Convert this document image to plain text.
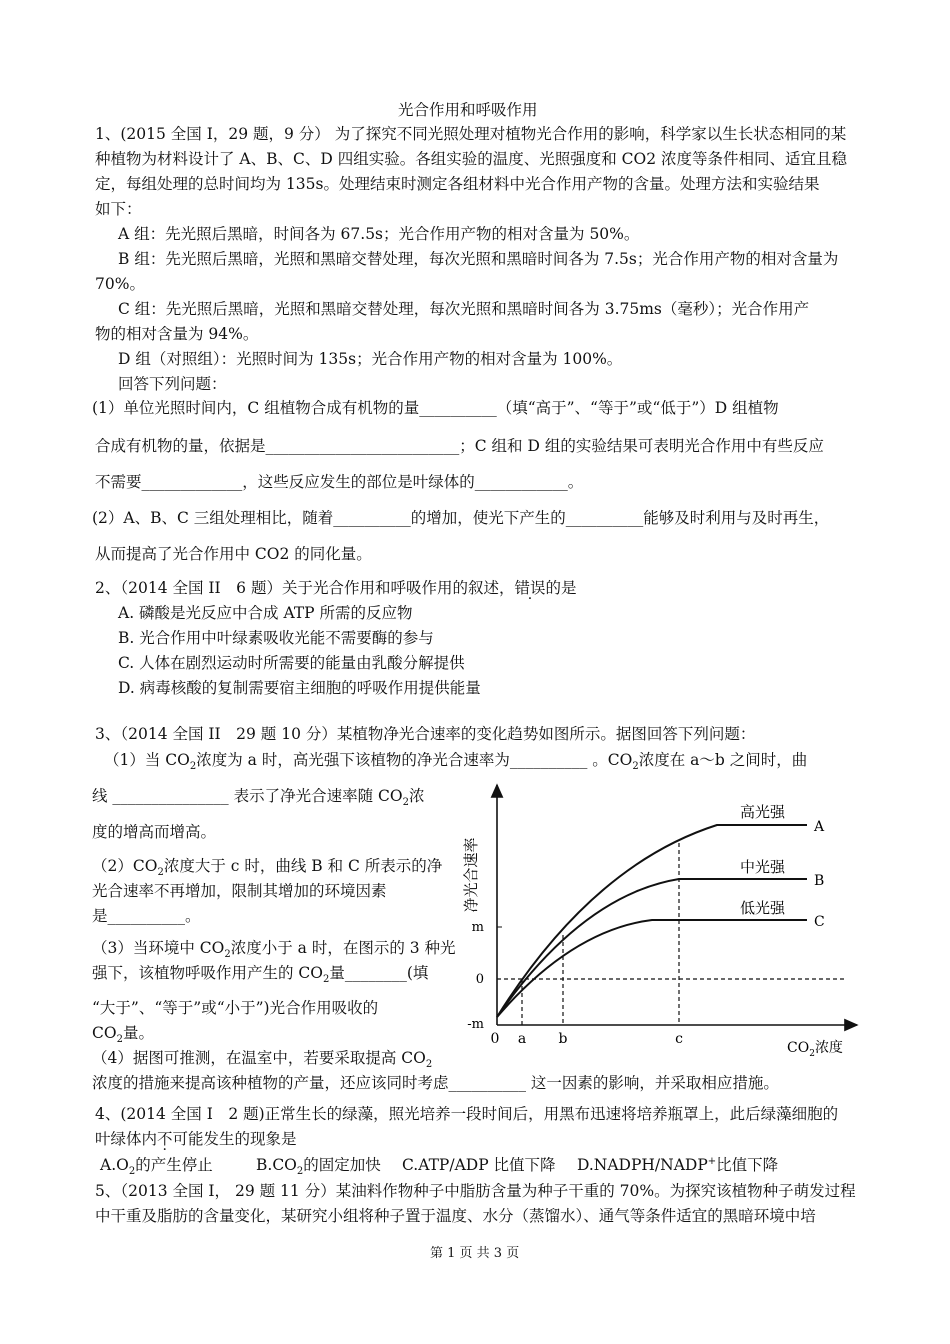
光合作用和呼吸作用
1、(2015 全国 I，29 题，9 分） 为了探究不同光照处理对植物光合作用的影响，科学家以生长状态相同的某
种植物为材料设计了 A、B、C、D 四组实验。各组实验的温度、光照强度和 CO2 浓度等条件相同、适宜且稳
定，每组处理的总时间均为 135s。处理结束时测定各组材料中光合作用产物的含量。处理方法和实验结果
如下：
A 组：先光照后黑暗，时间各为 67.5s；光合作用产物的相对含量为 50%。
B 组：先光照后黑暗，光照和黑暗交替处理，每次光照和黑暗时间各为 7.5s；光合作用产物的相对含量为
70%。
C 组：先光照后黑暗，光照和黑暗交替处理，每次光照和黑暗时间各为 3.75ms（毫秒）；光合作用产
物的相对含量为 94%。
D 组（对照组）：光照时间为 135s；光合作用产物的相对含量为 100%。
回答下列问题：
(1）单位光照时间内，C 组植物合成有机物的量__________（填“高于”、“等于”或“低于”）D 组植物
合成有机物的量，依据是_________________________；C 组和 D 组的实验结果可表明光合作用中有些反应
不需要_____________，这些反应发生的部位是叶绿体的____________。
(2）A、B、C 三组处理相比，随着__________的增加，使光下产生的__________能够及时利用与及时再生，
从而提高了光合作用中 CO2 的同化量。
2、（2014 全国 II　6 题）关于光合作用和呼吸作用的叙述，错误的是
A. 磷酸是光反应中合成 ATP 所需的反应物
B. 光合作用中叶绿素吸收光能不需要酶的参与
C. 人体在剧烈运动时所需要的能量由乳酸分解提供
D. 病毒核酸的复制需要宿主细胞的呼吸作用提供能量
3、（2014 全国 II　29 题 10 分）某植物净光合速率的变化趋势如图所示。据图回答下列问题：
（1）当 $CO_2$浓度为 a 时，高光强下该植物的净光合速率为__________ 。$CO_2$浓度在 a～b 之间时，曲
线 _______________ 表示了净光合速率随 $CO_2$浓
度的增高而增高。
$(2)CO_2$浓度大于 c 时，曲线 B 和 C 所表示的净
光合速率不再增加，限制其增加的环境因素
是__________。
（3）当环境中 $CO_2$浓度小于 a 时，在图示的 3 种光
强下，该植物呼吸作用产生的 $CO_2$量________(填
“大于”、“等于”或“小于”)光合作用吸收的
$CO_2$量。
（4）据图可推测，在温室中，若要采取提高 $CO_2$
浓度的措施来提高该种植物的产量，还应该同时考虑__________ 这一因素的影响，并采取相应措施。
净光合速率
$CO_2$浓度
m
0
-m
0 a b	c
高光强
A
中光强
B
低光强
C
4、(2014 全国 I　2 题)正常生长的绿藻，照光培养一段时间后，用黑布迅速将培养瓶罩上，此后绿藻细胞的
叶绿体内不可能发生的现象是
$A.O_2$的产生停止	$B.CO_2$的固定加快 C.ATP/ADP 比值下降 D.NADPH/NADP+比值下降
5、（2013 全国 I， 29 题 11 分）某油料作物种子中脂肪含量为种子干重的 70%。为探究该植物种子萌发过程
中干重及脂肪的含量变化，某研究小组将种子置于温度、水分（蒸馏水）、通气等条件适宜的黑暗环境中培
第 1 页 共 3 页
